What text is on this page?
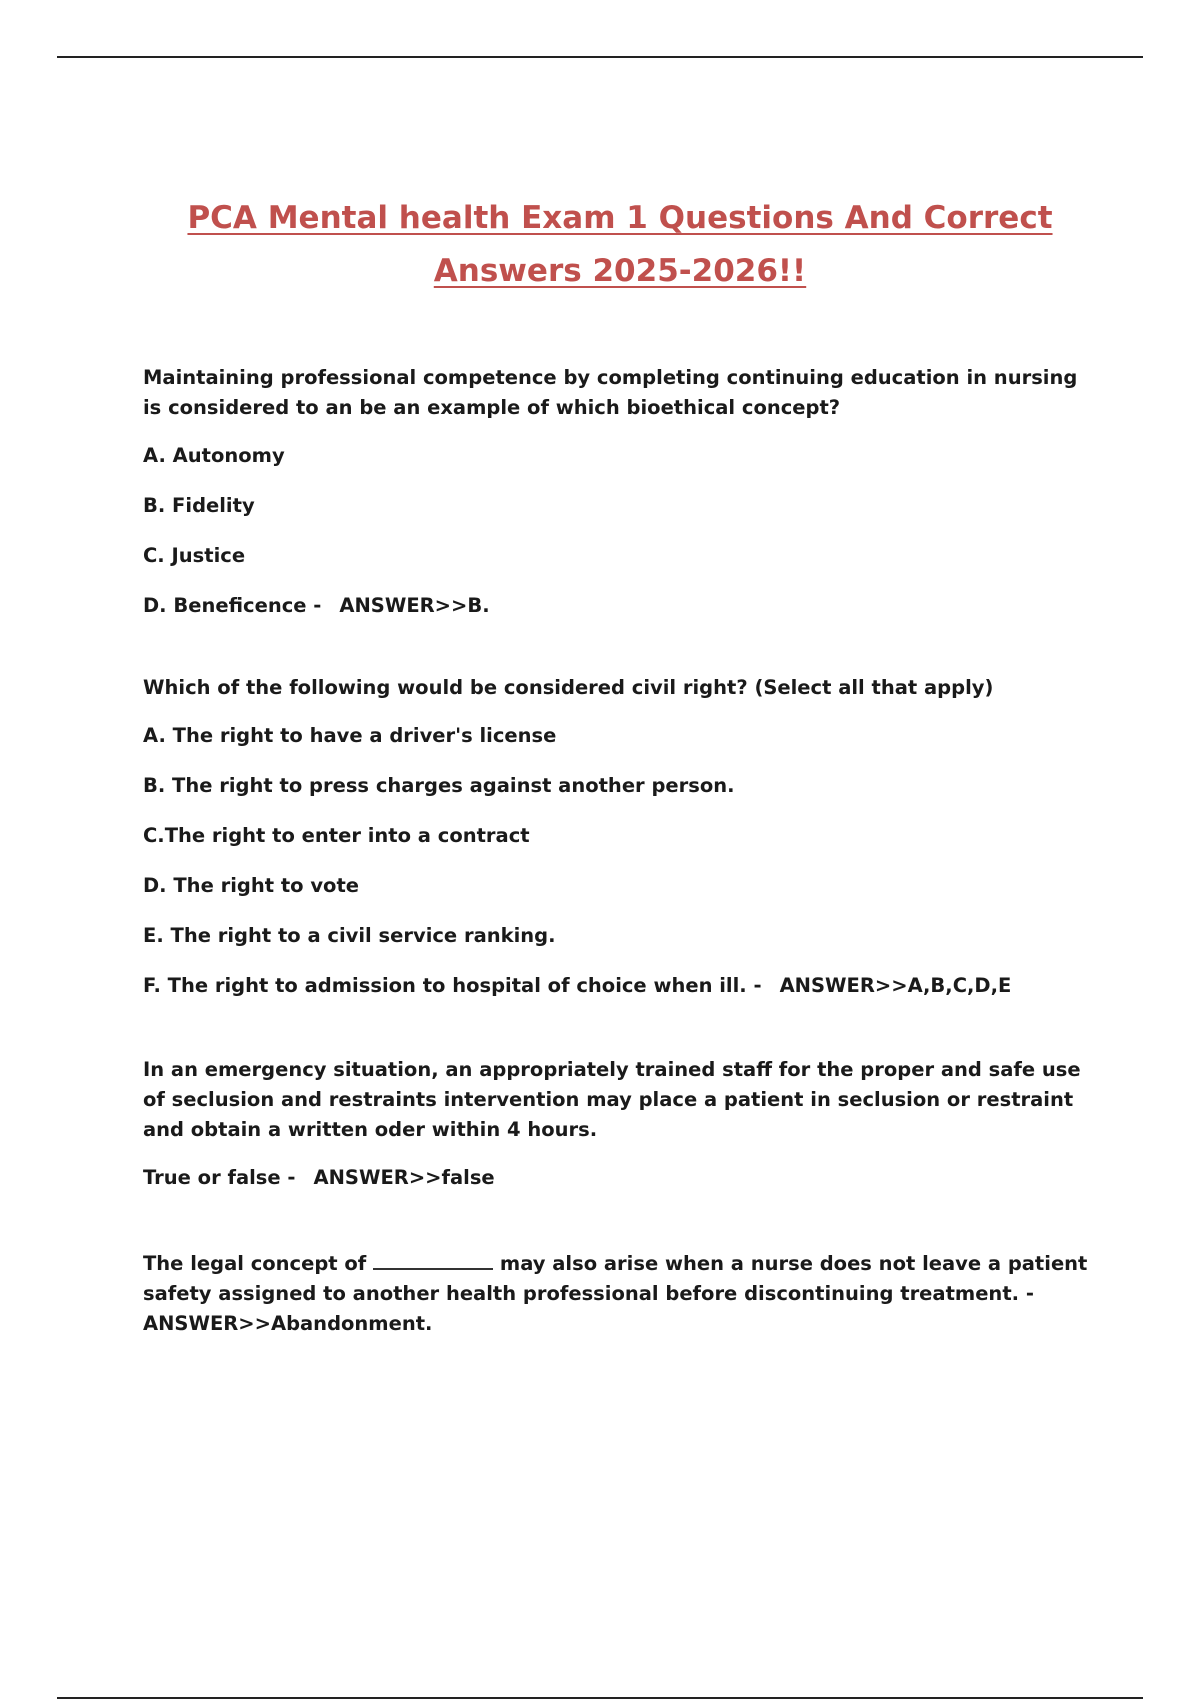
PCA Mental health Exam 1 Questions And Correct
Answers 2025-2026!!

Maintaining professional competence by completing continuing education in nursing is considered to an be an example of which bioethical concept?

A. Autonomy

B. Fidelity

C. Justice

D. Beneficence - ANSWER>>B.

Which of the following would be considered civil right? (Select all that apply)

A. The right to have a driver's license

B. The right to press charges against another person.

C.The right to enter into a contract

D. The right to vote

E. The right to a civil service ranking.

F. The right to admission to hospital of choice when ill. - ANSWER>>A,B,C,D,E

In an emergency situation, an appropriately trained staff for the proper and safe use of seclusion and restraints intervention may place a patient in seclusion or restraint and obtain a written oder within 4 hours.

True or false - ANSWER>>false

The legal concept of	may also arise when a nurse does not leave a patient safety assigned to another health professional before discontinuing treatment. -
ANSWER>>Abandonment.
